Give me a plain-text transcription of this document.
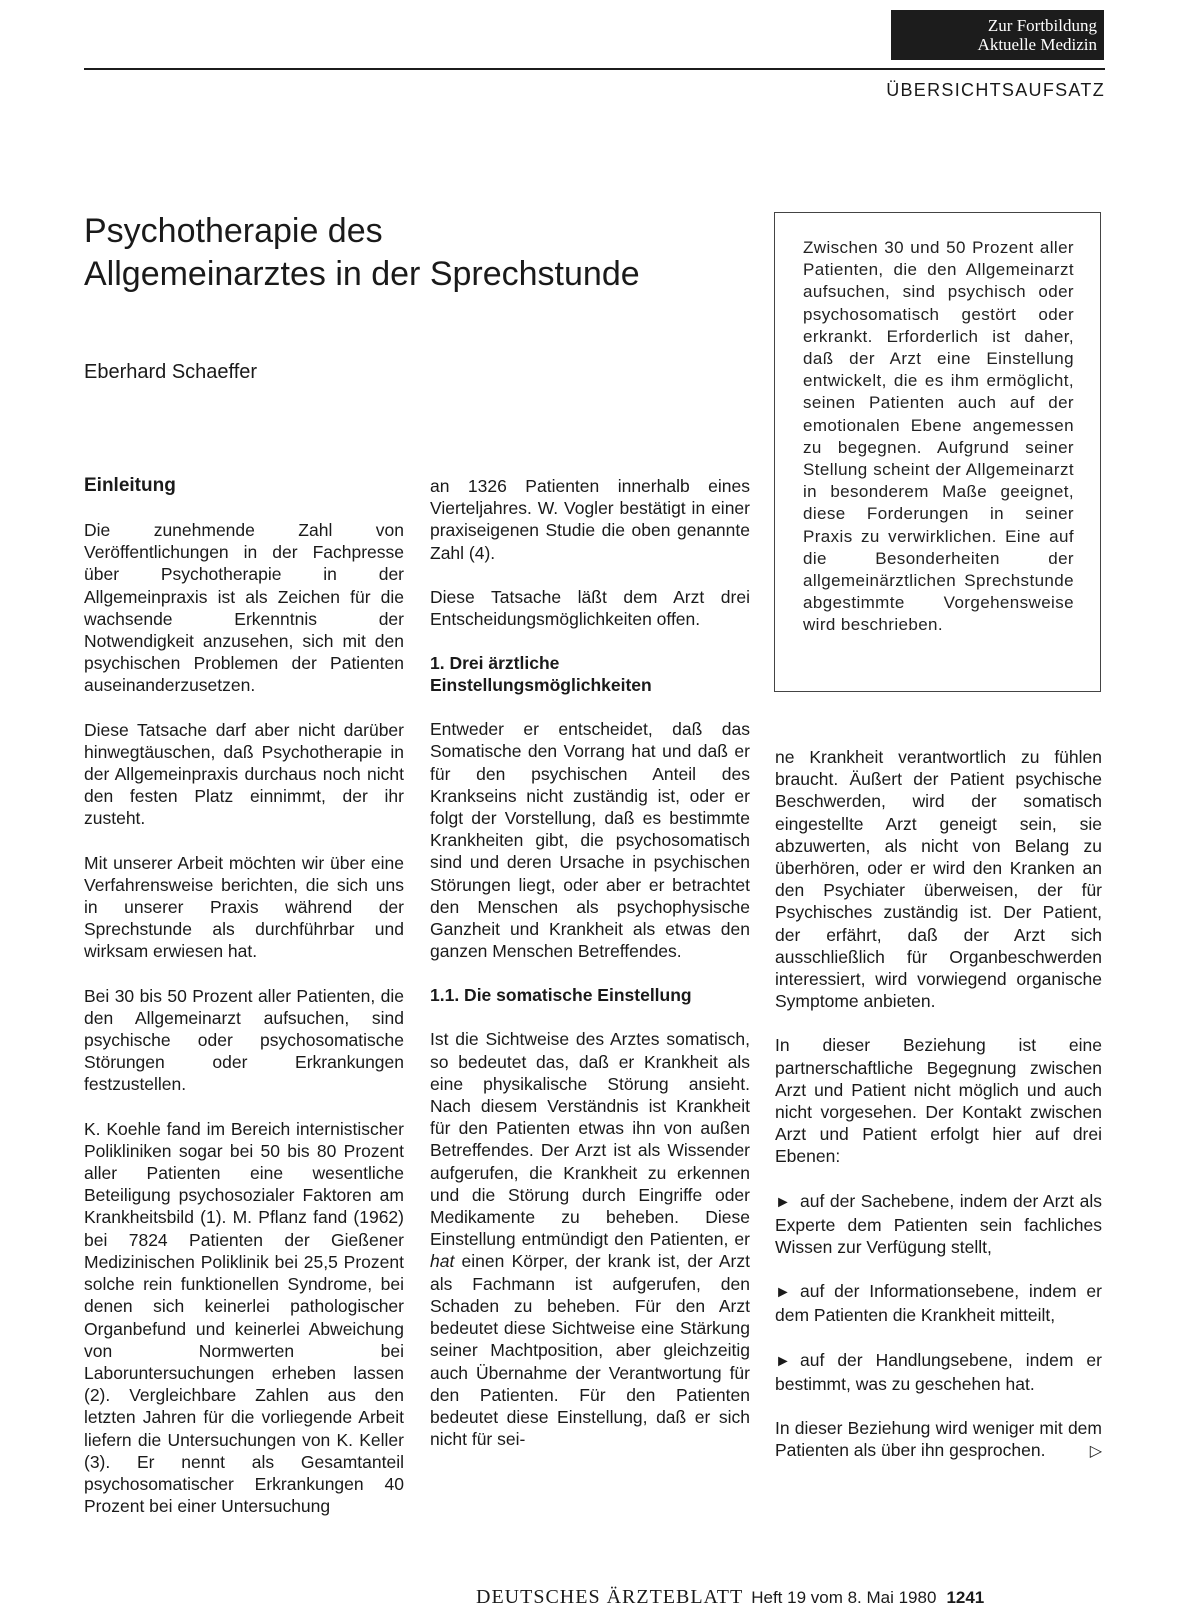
Zur Fortbildung
Aktuelle Medizin
ÜBERSICHTSAUFSATZ
Psychotherapie des
Allgemeinarztes in der Sprechstunde
Eberhard Schaeffer
Zwischen 30 und 50 Prozent aller Patienten, die den Allgemeinarzt aufsuchen, sind psychisch oder psychosomatisch gestört oder erkrankt. Erforderlich ist daher, daß der Arzt eine Einstellung entwickelt, die es ihm ermöglicht, seinen Patienten auch auf der emotionalen Ebene angemessen zu begegnen. Aufgrund seiner Stellung scheint der Allgemeinarzt in besonderem Maße geeignet, diese Forderungen in seiner Praxis zu verwirklichen. Eine auf die Besonderheiten der allgemeinärztlichen Sprechstunde abgestimmte Vorgehensweise wird beschrieben.
Einleitung

Die zunehmende Zahl von Veröffentlichungen in der Fachpresse über Psychotherapie in der Allgemeinpraxis ist als Zeichen für die wachsende Erkenntnis der Notwendigkeit anzusehen, sich mit den psychischen Problemen der Patienten auseinanderzusetzen.

Diese Tatsache darf aber nicht darüber hinwegtäuschen, daß Psychotherapie in der Allgemeinpraxis durchaus noch nicht den festen Platz einnimmt, der ihr zusteht.

Mit unserer Arbeit möchten wir über eine Verfahrensweise berichten, die sich uns in unserer Praxis während der Sprechstunde als durchführbar und wirksam erwiesen hat.

Bei 30 bis 50 Prozent aller Patienten, die den Allgemeinarzt aufsuchen, sind psychische oder psychosomatische Störungen oder Erkrankungen festzustellen.

K. Koehle fand im Bereich internistischer Polikliniken sogar bei 50 bis 80 Prozent aller Patienten eine wesentliche Beteiligung psychosozialer Faktoren am Krankheitsbild (1). M. Pflanz fand (1962) bei 7824 Patienten der Gießener Medizinischen Poliklinik bei 25,5 Prozent solche rein funktionellen Syndrome, bei denen sich keinerlei pathologischer Organbefund und keinerlei Abweichung von Normwerten bei Laboruntersuchungen erheben lassen (2). Vergleichbare Zahlen aus den letzten Jahren für die vorliegende Arbeit liefern die Untersuchungen von K. Keller (3). Er nennt als Gesamtanteil psychosomatischer Erkrankungen 40 Prozent bei einer Untersuchung

an 1326 Patienten innerhalb eines Vierteljahres. W. Vogler bestätigt in einer praxiseigenen Studie die oben genannte Zahl (4).

Diese Tatsache läßt dem Arzt drei Entscheidungsmöglichkeiten offen.

1. Drei ärztliche
Einstellungsmöglichkeiten

Entweder er entscheidet, daß das Somatische den Vorrang hat und daß er für den psychischen Anteil des Krankseins nicht zuständig ist, oder er folgt der Vorstellung, daß es bestimmte Krankheiten gibt, die psychosomatisch sind und deren Ursache in psychischen Störungen liegt, oder aber er betrachtet den Menschen als psychophysische Ganzheit und Krankheit als etwas den ganzen Menschen Betreffendes.

1.1. Die somatische Einstellung

Ist die Sichtweise des Arztes somatisch, so bedeutet das, daß er Krankheit als eine physikalische Störung ansieht. Nach diesem Verständnis ist Krankheit für den Patienten etwas ihn von außen Betreffendes. Der Arzt ist als Wissender aufgerufen, die Krankheit zu erkennen und die Störung durch Eingriffe oder Medikamente zu beheben. Diese Einstellung entmündigt den Patienten, er hat einen Körper, der krank ist, der Arzt als Fachmann ist aufgerufen, den Schaden zu beheben. Für den Arzt bedeutet diese Sichtweise eine Stärkung seiner Machtposition, aber gleichzeitig auch Übernahme der Verantwortung für den Patienten. Für den Patienten bedeutet diese Einstellung, daß er sich nicht für sei-

ne Krankheit verantwortlich zu fühlen braucht. Äußert der Patient psychische Beschwerden, wird der somatisch eingestellte Arzt geneigt sein, sie abzuwerten, als nicht von Belang zu überhören, oder er wird den Kranken an den Psychiater überweisen, der für Psychisches zuständig ist. Der Patient, der erfährt, daß der Arzt sich ausschließlich für Organbeschwerden interessiert, wird vorwiegend organische Symptome anbieten.

In dieser Beziehung ist eine partnerschaftliche Begegnung zwischen Arzt und Patient nicht möglich und auch nicht vorgesehen. Der Kontakt zwischen Arzt und Patient erfolgt hier auf drei Ebenen:

► auf der Sachebene, indem der Arzt als Experte dem Patienten sein fachliches Wissen zur Verfügung stellt,

► auf der Informationsebene, indem er dem Patienten die Krankheit mitteilt,

► auf der Handlungsebene, indem er bestimmt, was zu geschehen hat.

In dieser Beziehung wird weniger mit dem Patienten als über ihn gesprochen.	▷

DEUTSCHES ÄRZTEBLATT Heft 19 vom 8. Mai 1980 1241
